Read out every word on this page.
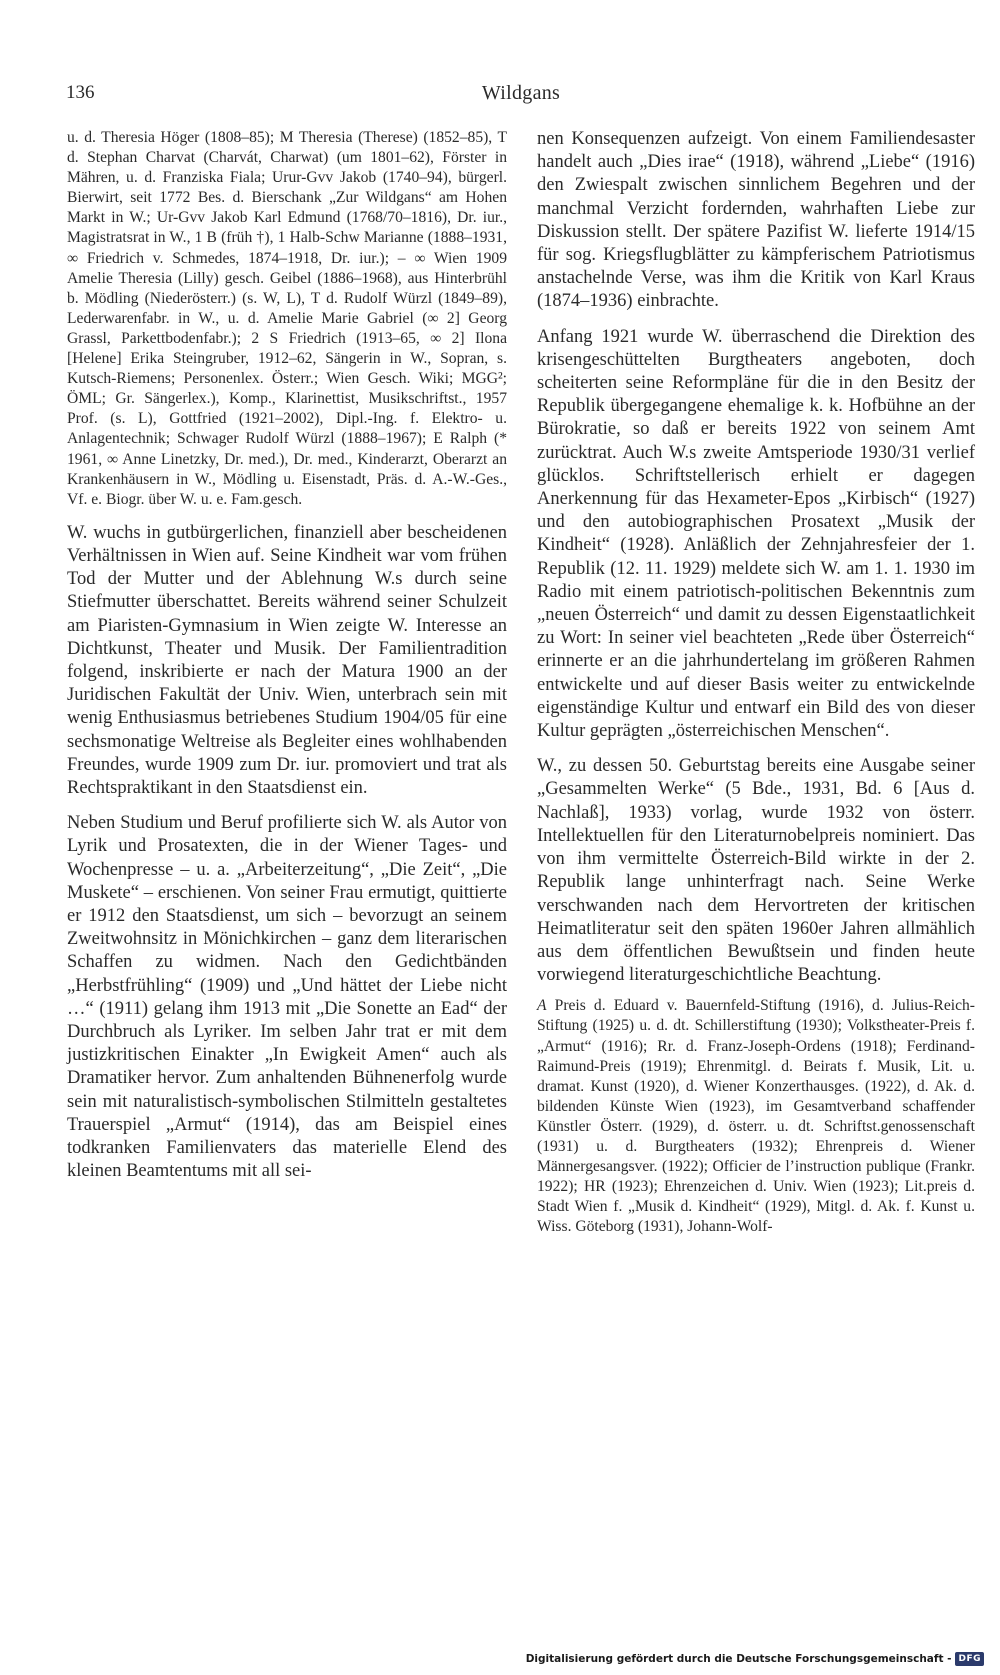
136	Wildgans

u. d. Theresia Höger (1808–85); M Theresia (Therese) (1852–85), T d. Stephan Charvat (Charvát, Charwat) (um 1801–62), Förster in Mähren, u. d. Franziska Fiala; Urur-Gvv Jakob (1740–94), bürgerl. Bierwirt, seit 1772 Bes. d. Bierschank „Zur Wildgans“ am Hohen Markt in W.; Ur-Gvv Jakob Karl Edmund (1768/70–1816), Dr. iur., Magistratsrat in W., 1 B (früh †), 1 Halb-Schw Marianne (1888–1931, ∞ Friedrich v. Schmedes, 1874–1918, Dr. iur.); – ∞ Wien 1909 Amelie Theresia (Lilly) gesch. Geibel (1886–1968), aus Hinterbrühl b. Mödling (Niederösterr.) (s. W, L), T d. Rudolf Würzl (1849–89), Lederwarenfabr. in W., u. d. Amelie Marie Gabriel (∞ 2] Georg Grassl, Parkettbodenfabr.); 2 S Friedrich (1913–65, ∞ 2] Ilona [Helene] Erika Steingruber, 1912–62, Sängerin in W., Sopran, s. Kutsch-Riemens; Personenlex. Österr.; Wien Gesch. Wiki; MGG²; ÖML; Gr. Sängerlex.), Komp., Klarinettist, Musikschriftst., 1957 Prof. (s. L), Gottfried (1921–2002), Dipl.-Ing. f. Elektro- u. Anlagentechnik; Schwager Rudolf Würzl (1888–1967); E Ralph (* 1961, ∞ Anne Linetzky, Dr. med.), Dr. med., Kinderarzt, Oberarzt an Krankenhäusern in W., Mödling u. Eisenstadt, Präs. d. A.-W.-Ges., Vf. e. Biogr. über W. u. e. Fam.gesch.

W. wuchs in gutbürgerlichen, finanziell aber bescheidenen Verhältnissen in Wien auf. Seine Kindheit war vom frühen Tod der Mutter und der Ablehnung W.s durch seine Stiefmutter überschattet. Bereits während seiner Schulzeit am Piaristen-Gymnasium in Wien zeigte W. Interesse an Dichtkunst, Theater und Musik. Der Familientradition folgend, inskribierte er nach der Matura 1900 an der Juridischen Fakultät der Univ. Wien, unterbrach sein mit wenig Enthusiasmus betriebenes Studium 1904/05 für eine sechsmonatige Weltreise als Begleiter eines wohlhabenden Freundes, wurde 1909 zum Dr. iur. promoviert und trat als Rechtspraktikant in den Staatsdienst ein.

Neben Studium und Beruf profilierte sich W. als Autor von Lyrik und Prosatexten, die in der Wiener Tages- und Wochenpresse – u. a. „Arbeiterzeitung“, „Die Zeit“, „Die Muskete“ – erschienen. Von seiner Frau ermutigt, quittierte er 1912 den Staatsdienst, um sich – bevorzugt an seinem Zweitwohnsitz in Mönichkirchen – ganz dem literarischen Schaffen zu widmen. Nach den Gedichtbänden „Herbstfrühling“ (1909) und „Und hättet der Liebe nicht …“ (1911) gelang ihm 1913 mit „Die Sonette an Ead“ der Durchbruch als Lyriker. Im selben Jahr trat er mit dem justizkritischen Einakter „In Ewigkeit Amen“ auch als Dramatiker hervor. Zum anhaltenden Bühnenerfolg wurde sein mit naturalistisch-symbolischen Stilmitteln gestaltetes Trauerspiel „Armut“ (1914), das am Beispiel eines todkranken Familienvaters das materielle Elend des kleinen Beamtentums mit all sei-

nen Konsequenzen aufzeigt. Von einem Familiendesaster handelt auch „Dies irae“ (1918), während „Liebe“ (1916) den Zwiespalt zwischen sinnlichem Begehren und der manchmal Verzicht fordernden, wahrhaften Liebe zur Diskussion stellt. Der spätere Pazifist W. lieferte 1914/15 für sog. Kriegsflugblätter zu kämpferischem Patriotismus anstachelnde Verse, was ihm die Kritik von Karl Kraus (1874–1936) einbrachte.

Anfang 1921 wurde W. überraschend die Direktion des krisengeschüttelten Burgtheaters angeboten, doch scheiterten seine Reformpläne für die in den Besitz der Republik übergegangene ehemalige k. k. Hofbühne an der Bürokratie, so daß er bereits 1922 von seinem Amt zurücktrat. Auch W.s zweite Amtsperiode 1930/31 verlief glücklos. Schriftstellerisch erhielt er dagegen Anerkennung für das Hexameter-Epos „Kirbisch“ (1927) und den autobiographischen Prosatext „Musik der Kindheit“ (1928). Anläßlich der Zehnjahresfeier der 1. Republik (12. 11. 1929) meldete sich W. am 1. 1. 1930 im Radio mit einem patriotisch-politischen Bekenntnis zum „neuen Österreich“ und damit zu dessen Eigenstaatlichkeit zu Wort: In seiner viel beachteten „Rede über Österreich“ erinnerte er an die jahrhundertelang im größeren Rahmen entwickelte und auf dieser Basis weiter zu entwickelnde eigenständige Kultur und entwarf ein Bild des von dieser Kultur geprägten „österreichischen Menschen“.

W., zu dessen 50. Geburtstag bereits eine Ausgabe seiner „Gesammelten Werke“ (5 Bde., 1931, Bd. 6 [Aus d. Nachlaß], 1933) vorlag, wurde 1932 von österr. Intellektuellen für den Literaturnobelpreis nominiert. Das von ihm vermittelte Österreich-Bild wirkte in der 2. Republik lange unhinterfragt nach. Seine Werke verschwanden nach dem Hervortreten der kritischen Heimatliteratur seit den späten 1960er Jahren allmählich aus dem öffentlichen Bewußtsein und finden heute vorwiegend literaturgeschichtliche Beachtung.

A Preis d. Eduard v. Bauernfeld-Stiftung (1916), d. Julius-Reich-Stiftung (1925) u. d. dt. Schillerstiftung (1930); Volkstheater-Preis f. „Armut“ (1916); Rr. d. Franz-Joseph-Ordens (1918); Ferdinand-Raimund-Preis (1919); Ehrenmitgl. d. Beirats f. Musik, Lit. u. dramat. Kunst (1920), d. Wiener Konzerthausges. (1922), d. Ak. d. bildenden Künste Wien (1923), im Gesamtverband schaffender Künstler Österr. (1929), d. österr. u. dt. Schriftst.genossenschaft (1931) u. d. Burgtheaters (1932); Ehrenpreis d. Wiener Männergesangsver. (1922); Officier de l’instruction publique (Frankr. 1922); HR (1923); Ehrenzeichen d. Univ. Wien (1923); Lit.preis d. Stadt Wien f. „Musik d. Kindheit“ (1929), Mitgl. d. Ak. f. Kunst u. Wiss. Göteborg (1931), Johann-Wolf-

Digitalisierung gefördert durch die Deutsche Forschungsgemeinschaft - DFG
